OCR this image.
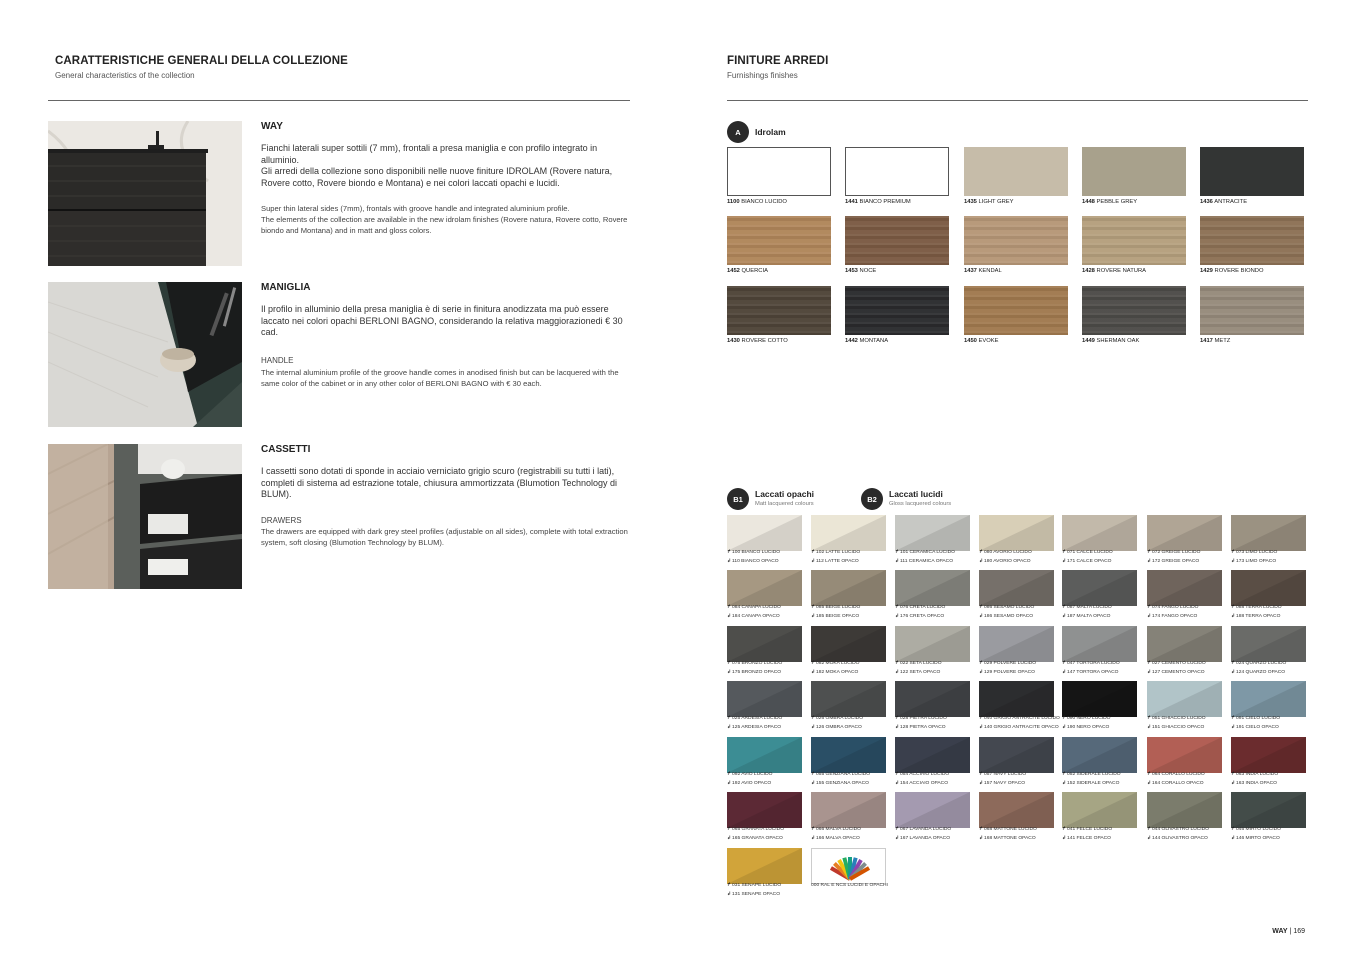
CARATTERISTICHE GENERALI DELLA COLLEZIONE
General characteristics of the collection
WAY
Fianchi laterali super sottili (7 mm), frontali a presa maniglia e con profilo integrato in alluminio.
Gli arredi della collezione sono disponibili nelle nuove finiture IDROLAM (Rovere natura, Rovere cotto, Rovere biondo e Montana) e nei colori laccati opachi e lucidi.
Super thin lateral sides (7mm), frontals with groove handle and integrated aluminium profile.
The elements of the collection are available in the new idrolam finishes (Rovere natura, Rovere cotto, Rovere biondo and Montana) and in matt and gloss colors.
MANIGLIA
Il profilo in alluminio della presa maniglia è di serie in finitura anodizzata ma può essere laccato nei colori opachi BERLONI BAGNO, considerando la relativa maggiorazionedi € 30 cad.
HANDLE
The internal aluminium profile of the groove handle comes in anodised finish but can be lacquered with the same color of the cabinet or in any other color of BERLONI BAGNO with € 30 each.
CASSETTI
I cassetti sono dotati di sponde in acciaio verniciato grigio scuro (registrabili su tutti i lati), completi di sistema ad estrazione totale, chiusura ammortizzata (Blumotion Technology di BLUM).
DRAWERS
The drawers are equipped with dark grey steel profiles (adjustable on all sides), complete with total extraction system, soft closing (Blumotion Technology by BLUM).
FINITURE ARREDI
Furnishings finishes
A	Idrolam
1100 BIANCO LUCIDO	1441 BIANCO PREMIUM	1435 LIGHT GREY	1448 PEBBLE GREY	1436 ANTRACITE
1452 QUERCIA	1453 NOCE	1437 KENDAL	1428 ROVERE NATURA	1429 ROVERE BIONDO
1430 ROVERE COTTO	1442 MONTANA	1450 EVOKE	1449 SHERMAN OAK	1417 METZ
B1	Laccati opachi
Matt lacquered colours
B2	Laccati lucidi
Gloss lacquered colours
↱100 BIANCO LUCIDO
↲110 BIANCO OPACO
↱102 LATTE LUCIDO
↲112 LATTE OPACO
↱101 CERAMICA LUCIDO
↲111 CERAMICA OPACO
↱080 AVORIO LUCIDO
↲180 AVORIO OPACO
↱071 CALCE LUCIDO
↲171 CALCE OPACO
↱072 GREIGE LUCIDO
↲172 GREIGE OPACO
↱073 LIMO LUCIDO
↲173 LIMO OPACO
↱084 CANAPA LUCIDO
↲184 CANAPA OPACO
↱085 BEIGE LUCIDO
↲185 BEIGE OPACO
↱076 CRETA LUCIDO
↲176 CRETA OPACO
↱086 SESAMO LUCIDO
↲186 SESAMO OPACO
↱087 MALTA LUCIDO
↲187 MALTA OPACO
↱074 FANGO LUCIDO
↲174 FANGO OPACO
↱088 TERRA LUCIDO
↲188 TERRA OPACO
↱075 BRONZO LUCIDO
↲175 BRONZO OPACO
↱082 MOKA LUCIDO
↲182 MOKA OPACO
↱022 SETA LUCIDO
↲122 SETA OPACO
↱029 POLVERE LUCIDO
↲129 POLVERE OPACO
↱047 TORTORA LUCIDO
↲147 TORTORA OPACO
↱027 CEMENTO LUCIDO
↲127 CEMENTO OPACO
↱024 QUARZO LUCIDO
↲124 QUARZO OPACO
↱025 ARDESIA LUCIDO
↲125 ARDESIA OPACO
↱026 OMBRA LUCIDO
↲126 OMBRA OPACO
↱028 PIETRA LUCIDO
↲128 PIETRA OPACO
↱040 GRIGIO ANTRACITE LUCIDO
↲140 GRIGIO ANTRACITE OPACO
↱090 NERO LUCIDO
↲190 NERO OPACO
↱051 GHIACCIO LUCIDO
↲151 GHIACCIO OPACO
↱091 CIELO LUCIDO
↲191 CIELO OPACO
↱092 AVIO LUCIDO
↲192 AVIO OPACO
↱055 GENZIANA LUCIDO
↲155 GENZIANA OPACO
↱054 ACCIAIO LUCIDO
↲154 ACCIAIO OPACO
↱057 NAVY LUCIDO
↲157 NAVY OPACO
↱052 SIDERALE LUCIDO
↲152 SIDERALE OPACO
↱064 CORALLO LUCIDO
↲164 CORALLO OPACO
↱063 INDIA LUCIDO
↲163 INDIA OPACO
↱065 GRANATA LUCIDO
↲165 GRANATA OPACO
↱066 MALVA LUCIDO
↲166 MALVA OPACO
↱067 LAVANDA LUCIDO
↲167 LAVANDA OPACO
↱068 MATTONE LUCIDO
↲168 MATTONE OPACO
↱041 FELCE LUCIDO
↲141 FELCE OPACO
↱044 OLIVASTRO LUCIDO
↲144 OLIVASTRO OPACO
↱046 MIRTO LUCIDO
↲146 MIRTO OPACO
↱031 SENAPE LUCIDO
↲131 SENAPE OPACO
000 RAL E NCS LUCIDI E OPACHI
WAY | 169
